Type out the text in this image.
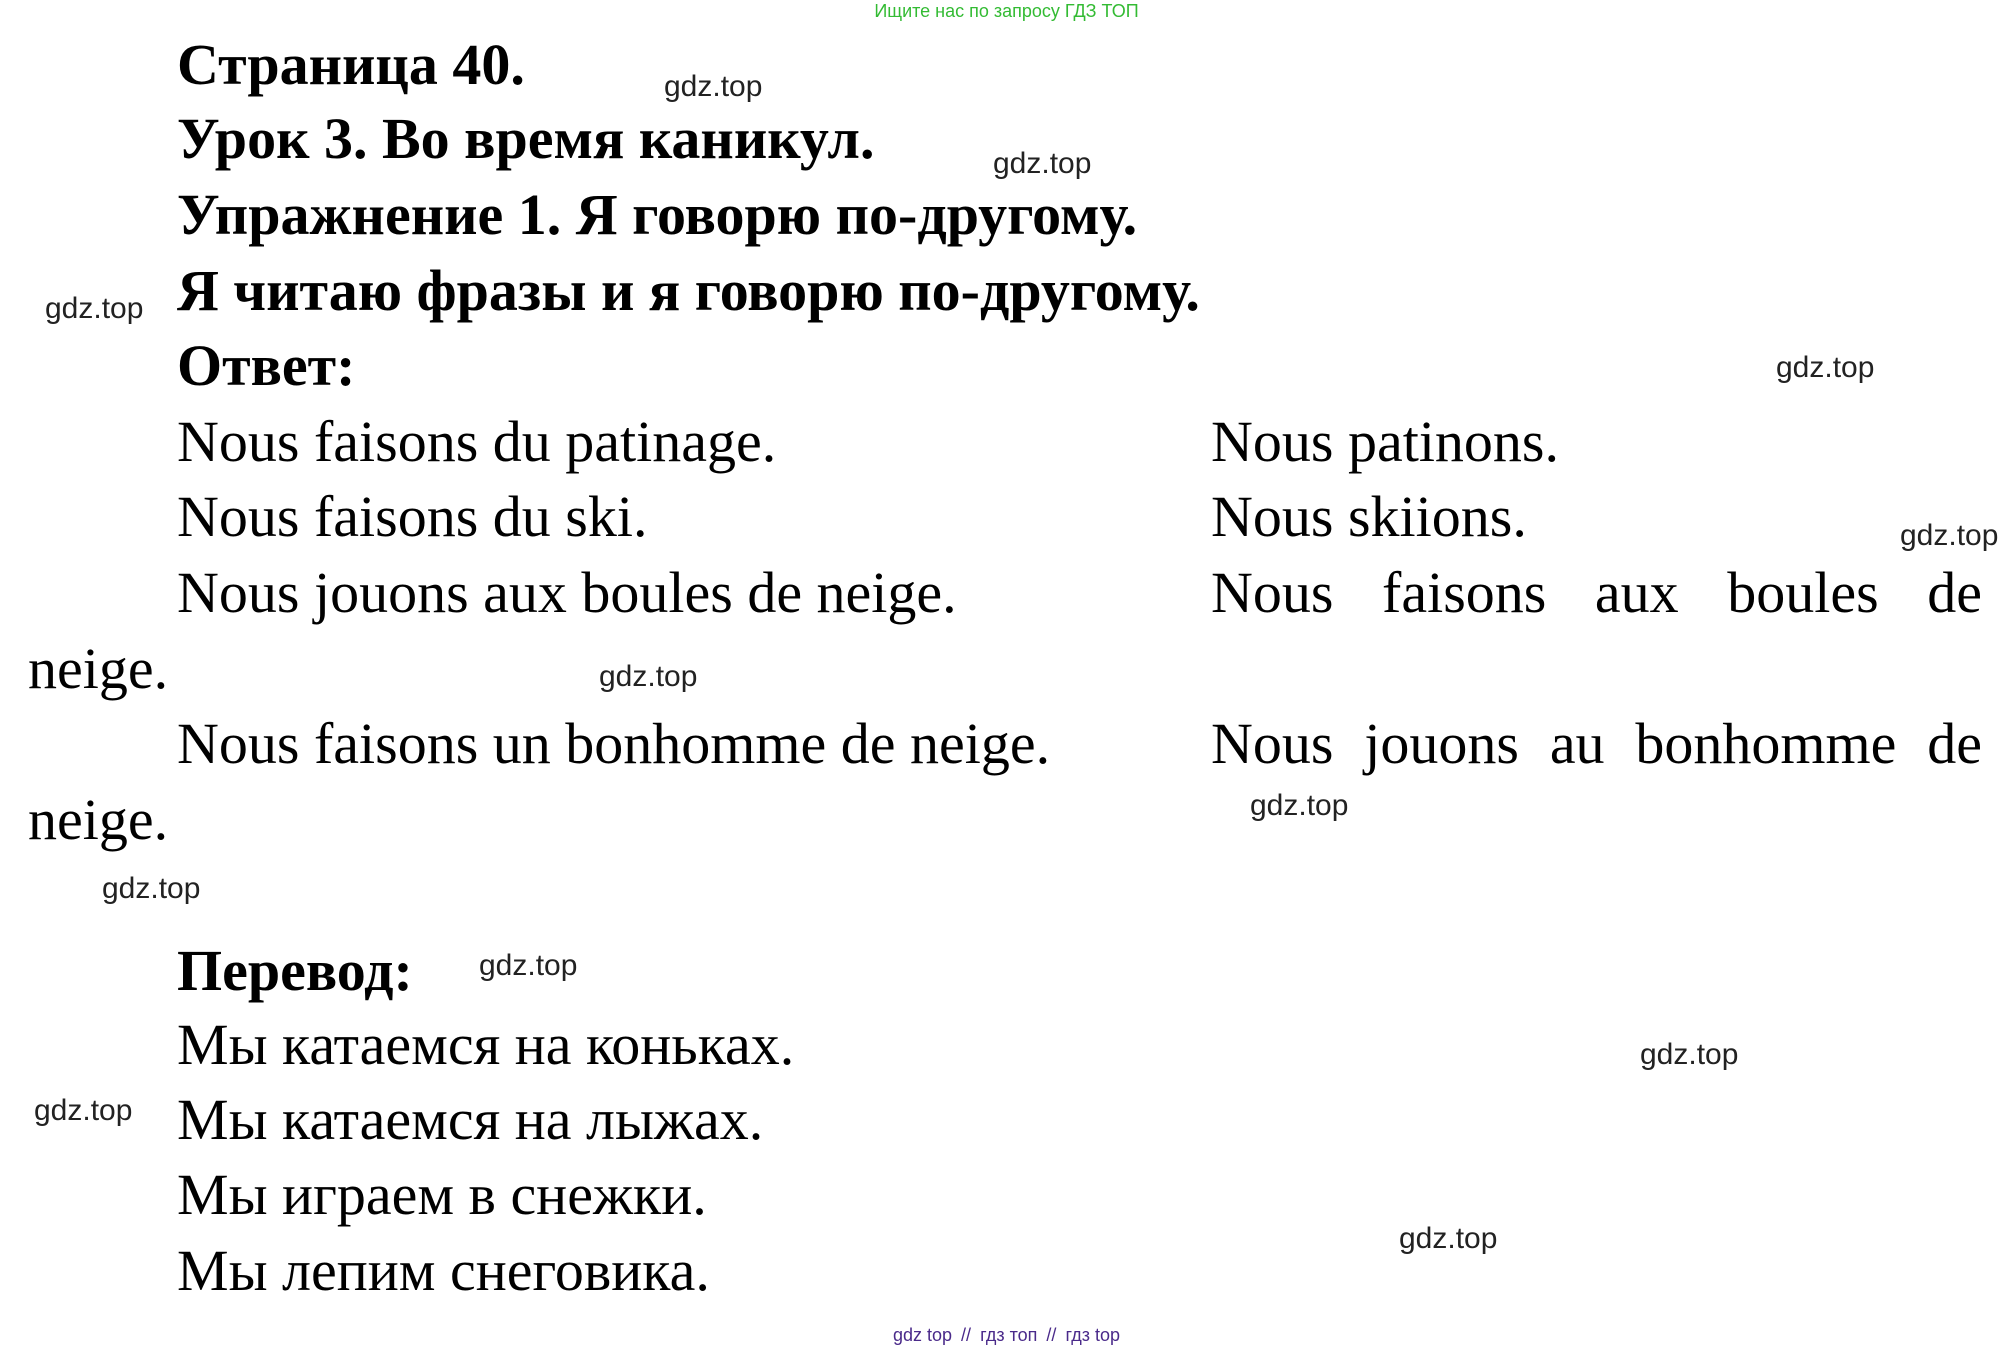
Ищите нас по запросу ГДЗ ТОП
Страница 40.
Урок 3. Во время каникул.
Упражнение 1. Я говорю по-другому.
Я читаю фразы и я говорю по-другому.
Ответ:
Nous faisons du patinage.	Nous patinons.
Nous faisons du ski.	Nous skiions.
Nous jouons aux boules de neige.	Nous faisons aux boules de
neige.
Nous faisons un bonhomme de neige.	Nous jouons au bonhomme de
neige.
Перевод:
Мы катаемся на коньках.
Мы катаемся на лыжах.
Мы играем в снежки.
Мы лепим снеговика.
gdz.top
gdz.top
gdz.top
gdz.top
gdz.top
gdz.top
gdz.top
gdz.top
gdz.top
gdz.top
gdz.top
gdz.top
gdz top // гдз топ // гдз top
